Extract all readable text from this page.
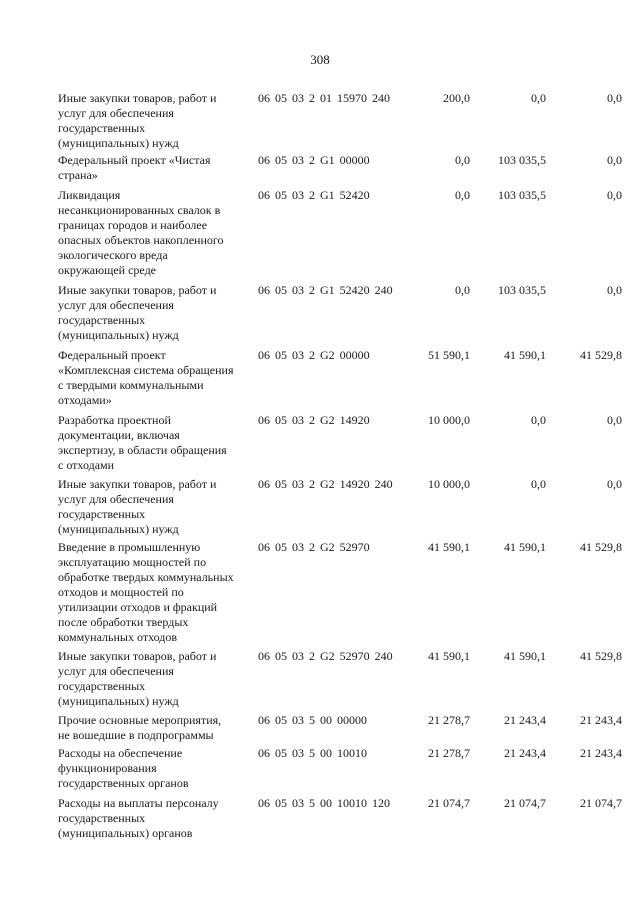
308
Иные закупки товаров, работ и
услуг для обеспечения
государственных
(муниципальных) нужд
06 05 03 2 01 15970 240	200,0	0,0	0,0
Федеральный проект «Чистая
страна»
06 05 03 2 G1 00000	0,0	103 035,5	0,0
Ликвидация
несанкционированных свалок в
границах городов и наиболее
опасных объектов накопленного
экологического вреда
окружающей среде
06 05 03 2 G1 52420	0,0	103 035,5	0,0
Иные закупки товаров, работ и
услуг для обеспечения
государственных
(муниципальных) нужд
06 05 03 2 G1 52420 240	0,0	103 035,5	0,0
Федеральный проект
«Комплексная система обращения
с твердыми коммунальными
отходами»
06 05 03 2 G2 00000	51 590,1	41 590,1	41 529,8
Разработка проектной
документации, включая
экспертизу, в области обращения
с отходами
06 05 03 2 G2 14920	10 000,0	0,0	0,0
Иные закупки товаров, работ и
услуг для обеспечения
государственных
(муниципальных) нужд
06 05 03 2 G2 14920 240	10 000,0	0,0	0,0
Введение в промышленную
эксплуатацию мощностей по
обработке твердых коммунальных
отходов и мощностей по
утилизации отходов и фракций
после обработки твердых
коммунальных отходов
06 05 03 2 G2 52970	41 590,1	41 590,1	41 529,8
Иные закупки товаров, работ и
услуг для обеспечения
государственных
(муниципальных) нужд
06 05 03 2 G2 52970 240	41 590,1	41 590,1	41 529,8
Прочие основные мероприятия,
не вошедшие в подпрограммы
06 05 03 5 00 00000	21 278,7	21 243,4	21 243,4
Расходы на обеспечение
функционирования
государственных органов
06 05 03 5 00 10010	21 278,7	21 243,4	21 243,4
Расходы на выплаты персоналу
государственных
(муниципальных) органов
06 05 03 5 00 10010 120	21 074,7	21 074,7	21 074,7
